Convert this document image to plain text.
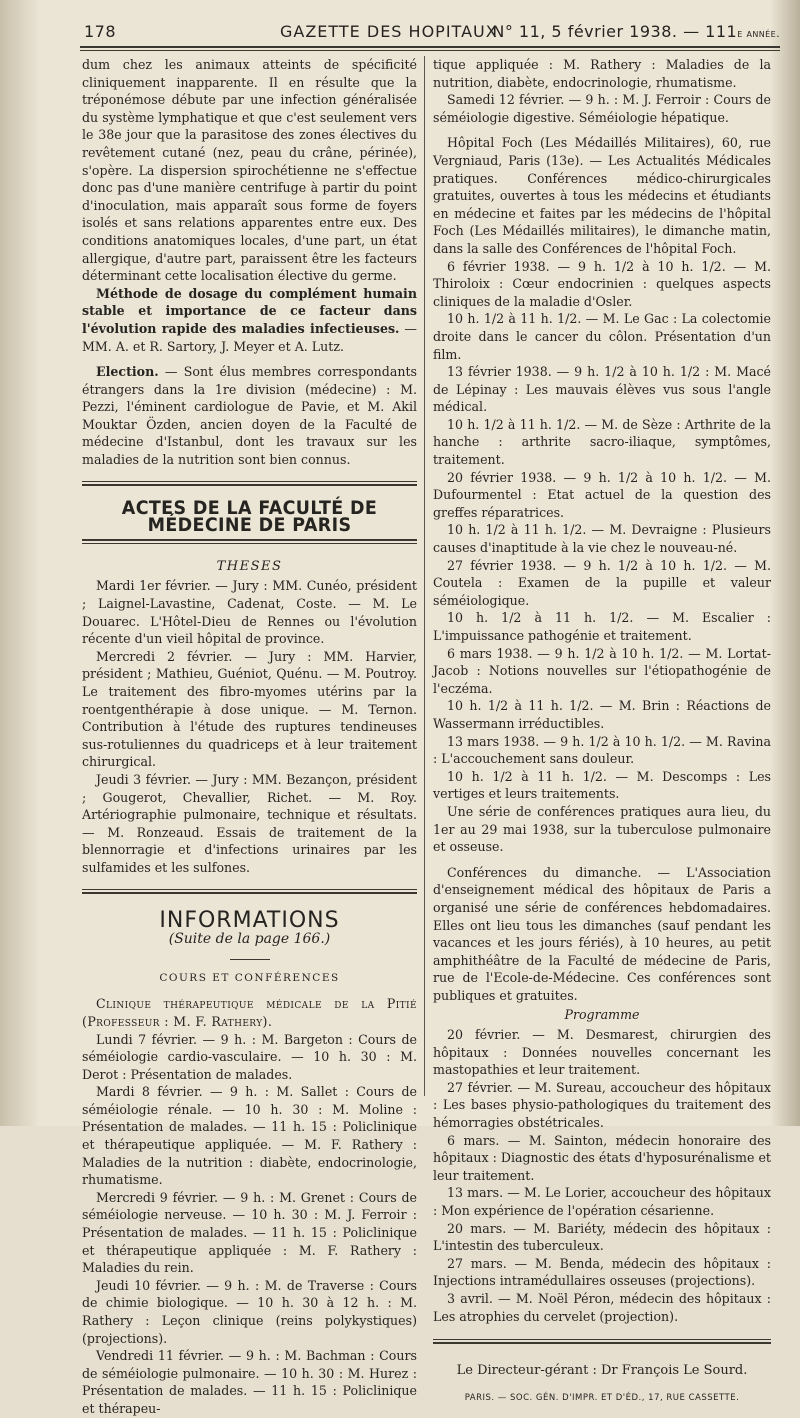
178	GAZETTE DES HOPITAUX
N° 11, 5 février 1938. — 111e année.

dum chez les animaux atteints de spécificité cliniquement inapparente. Il en résulte que la tréponémose débute par une infection généralisée du système lymphatique et que c'est seulement vers le 38e jour que la parasitose des zones électives du revêtement cutané (nez, peau du crâne, périnée), s'opère. La dispersion spirochétienne ne s'effectue donc pas d'une manière centrifuge à partir du point d'inoculation, mais apparaît sous forme de foyers isolés et sans relations apparentes entre eux. Des conditions anatomiques locales, d'une part, un état allergique, d'autre part, paraissent être les facteurs déterminant cette localisation élective du germe.

Méthode de dosage du complément humain stable et importance de ce facteur dans l'évolution rapide des maladies infectieuses. — MM. A. et R. Sartory, J. Meyer et A. Lutz.

Election. — Sont élus membres correspondants étrangers dans la 1re division (médecine) : M. Pezzi, l'éminent cardiologue de Pavie, et M. Akil Mouktar Özden, ancien doyen de la Faculté de médecine d'Istanbul, dont les travaux sur les maladies de la nutrition sont bien connus.

ACTES DE LA FACULTÉ DE MÉDECINE DE PARIS
THESES

Mardi 1er février. — Jury : MM. Cunéo, président ; Laignel-Lavastine, Cadenat, Coste. — M. Le Douarec. L'Hôtel-Dieu de Rennes ou l'évolution récente d'un vieil hôpital de province.

Mercredi 2 février. — Jury : MM. Harvier, président ; Mathieu, Guéniot, Quénu. — M. Poutroy. Le traitement des fibro-myomes utérins par la roentgenthérapie à dose unique. — M. Ternon. Contribution à l'étude des ruptures tendineuses sus-rotuliennes du quadriceps et à leur traitement chirurgical.

Jeudi 3 février. — Jury : MM. Bezançon, président ; Gougerot, Chevallier, Richet. — M. Roy. Artériographie pulmonaire, technique et résultats. — M. Ronzeaud. Essais de traitement de la blennorragie et d'infections urinaires par les sulfamides et les sulfones.

INFORMATIONS
(Suite de la page 166.)
COURS ET CONFÉRENCES

Clinique thérapeutique médicale de la Pitié (Professeur : M. F. Rathery).

Lundi 7 février. — 9 h. : M. Bargeton : Cours de séméiologie cardio-vasculaire. — 10 h. 30 : M. Derot : Présentation de malades.

Mardi 8 février. — 9 h. : M. Sallet : Cours de séméiologie rénale. — 10 h. 30 : M. Moline : Présentation de malades. — 11 h. 15 : Policlinique et thérapeutique appliquée. — M. F. Rathery : Maladies de la nutrition : diabète, endocrinologie, rhumatisme.

Mercredi 9 février. — 9 h. : M. Grenet : Cours de séméiologie nerveuse. — 10 h. 30 : M. J. Ferroir : Présentation de malades. — 11 h. 15 : Policlinique et thérapeutique appliquée : M. F. Rathery : Maladies du rein.

Jeudi 10 février. — 9 h. : M. de Traverse : Cours de chimie biologique. — 10 h. 30 à 12 h. : M. Rathery : Leçon clinique (reins polykystiques) (projections).

Vendredi 11 février. — 9 h. : M. Bachman : Cours de séméiologie pulmonaire. — 10 h. 30 : M. Hurez : Présentation de malades. — 11 h. 15 : Policlinique et thérapeu-

tique appliquée : M. Rathery : Maladies de la nutrition, diabète, endocrinologie, rhumatisme.

Samedi 12 février. — 9 h. : M. J. Ferroir : Cours de séméiologie digestive. Séméiologie hépatique.

Hôpital Foch (Les Médaillés Militaires), 60, rue Vergniaud, Paris (13e). — Les Actualités Médicales pratiques. Conférences médico-chirurgicales gratuites, ouvertes à tous les médecins et étudiants en médecine et faites par les médecins de l'hôpital Foch (Les Médaillés militaires), le dimanche matin, dans la salle des Conférences de l'hôpital Foch.

6 février 1938. — 9 h. 1/2 à 10 h. 1/2. — M. Thiroloix : Cœur endocrinien : quelques aspects cliniques de la maladie d'Osler.

10 h. 1/2 à 11 h. 1/2. — M. Le Gac : La colectomie droite dans le cancer du côlon. Présentation d'un film.

13 février 1938. — 9 h. 1/2 à 10 h. 1/2 : M. Macé de Lépinay : Les mauvais élèves vus sous l'angle médical.

10 h. 1/2 à 11 h. 1/2. — M. de Sèze : Arthrite de la hanche : arthrite sacro-iliaque, symptômes, traitement.

20 février 1938. — 9 h. 1/2 à 10 h. 1/2. — M. Dufourmentel : Etat actuel de la question des greffes réparatrices.

10 h. 1/2 à 11 h. 1/2. — M. Devraigne : Plusieurs causes d'inaptitude à la vie chez le nouveau-né.

27 février 1938. — 9 h. 1/2 à 10 h. 1/2. — M. Coutela : Examen de la pupille et valeur séméiologique.

10 h. 1/2 à 11 h. 1/2. — M. Escalier : L'impuissance pathogénie et traitement.

6 mars 1938. — 9 h. 1/2 à 10 h. 1/2. — M. Lortat-Jacob : Notions nouvelles sur l'étiopathogénie de l'eczéma.

10 h. 1/2 à 11 h. 1/2. — M. Brin : Réactions de Wassermann irréductibles.

13 mars 1938. — 9 h. 1/2 à 10 h. 1/2. — M. Ravina : L'accouchement sans douleur.

10 h. 1/2 à 11 h. 1/2. — M. Descomps : Les vertiges et leurs traitements.

Une série de conférences pratiques aura lieu, du 1er au 29 mai 1938, sur la tuberculose pulmonaire et osseuse.

Conférences du dimanche. — L'Association d'enseignement médical des hôpitaux de Paris a organisé une série de conférences hebdomadaires. Elles ont lieu tous les dimanches (sauf pendant les vacances et les jours fériés), à 10 heures, au petit amphithéâtre de la Faculté de médecine de Paris, rue de l'Ecole-de-Médecine. Ces conférences sont publiques et gratuites.

Programme

20 février. — M. Desmarest, chirurgien des hôpitaux : Données nouvelles concernant les mastopathies et leur traitement.

27 février. — M. Sureau, accoucheur des hôpitaux : Les bases physio-pathologiques du traitement des hémorragies obstétricales.

6 mars. — M. Sainton, médecin honoraire des hôpitaux : Diagnostic des états d'hyposurénalisme et leur traitement.

13 mars. — M. Le Lorier, accoucheur des hôpitaux : Mon expérience de l'opération césarienne.

20 mars. — M. Bariéty, médecin des hôpitaux : L'intestin des tuberculeux.

27 mars. — M. Benda, médecin des hôpitaux : Injections intramédullaires osseuses (projections).

3 avril. — M. Noël Péron, médecin des hôpitaux : Les atrophies du cervelet (projection).

Le Directeur-gérant : Dr François Le Sourd.
PARIS. — SOC. GÉN. D'IMPR. ET D'ÉD., 17, RUE CASSETTE.
